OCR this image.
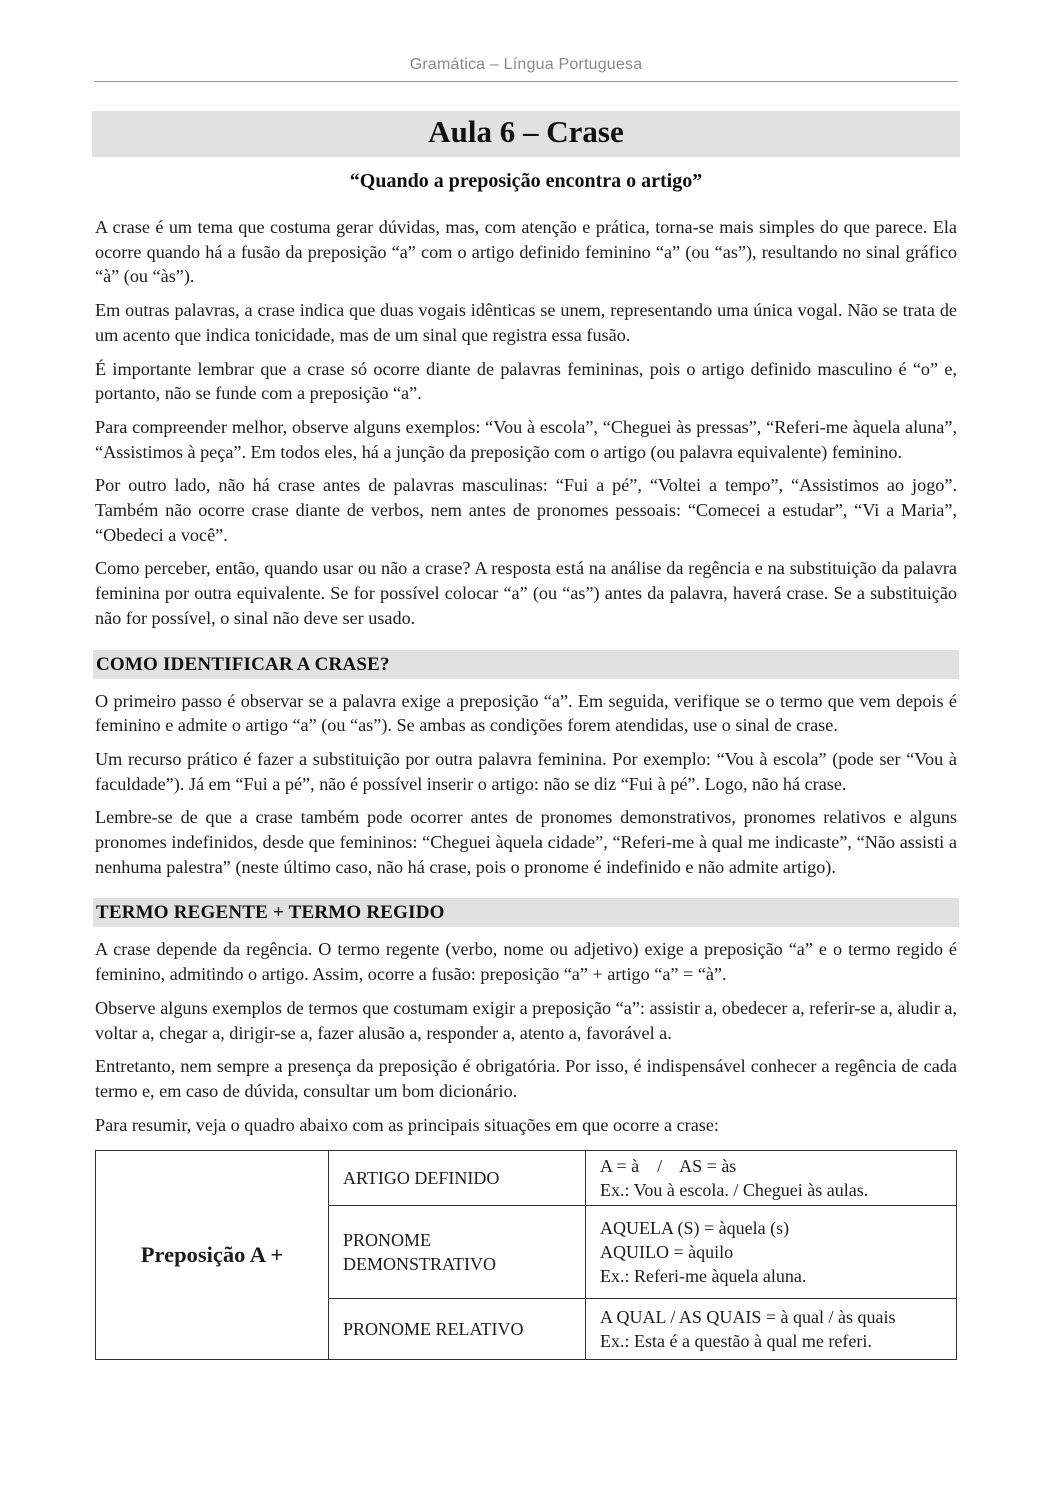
Gramática – Língua Portuguesa
Aula 6 – Crase
“Quando a preposição encontra o artigo”

A crase é um tema que costuma gerar dúvidas, mas, com atenção e prática, torna-se mais simples do que parece. Ela ocorre quando há a fusão da preposição “a” com o artigo definido feminino “a” (ou “as”), resultando no sinal gráfico “à” (ou “às”).

Em outras palavras, a crase indica que duas vogais idênticas se unem, representando uma única vogal. Não se trata de um acento que indica tonicidade, mas de um sinal que registra essa fusão.

É importante lembrar que a crase só ocorre diante de palavras femininas, pois o artigo definido masculino é “o” e, portanto, não se funde com a preposição “a”.

Para compreender melhor, observe alguns exemplos: “Vou à escola”, “Cheguei às pressas”, “Referi-me àquela aluna”, “Assistimos à peça”. Em todos eles, há a junção da preposição com o artigo (ou palavra equivalente) feminino.

Por outro lado, não há crase antes de palavras masculinas: “Fui a pé”, “Voltei a tempo”, “Assistimos ao jogo”. Também não ocorre crase diante de verbos, nem antes de pronomes pessoais: “Comecei a estudar”, “Vi a Maria”, “Obedeci a você”.

Como perceber, então, quando usar ou não a crase? A resposta está na análise da regência e na substituição da palavra feminina por outra equivalente. Se for possível colocar “a” (ou “as”) antes da palavra, haverá crase. Se a substituição não for possível, o sinal não deve ser usado.

COMO IDENTIFICAR A CRASE?

O primeiro passo é observar se a palavra exige a preposição “a”. Em seguida, verifique se o termo que vem depois é feminino e admite o artigo “a” (ou “as”). Se ambas as condições forem atendidas, use o sinal de crase.

Um recurso prático é fazer a substituição por outra palavra feminina. Por exemplo: “Vou à escola” (pode ser “Vou à faculdade”). Já em “Fui a pé”, não é possível inserir o artigo: não se diz “Fui à pé”. Logo, não há crase.

Lembre-se de que a crase também pode ocorrer antes de pronomes demonstrativos, pronomes relativos e alguns pronomes indefinidos, desde que femininos: “Cheguei àquela cidade”, “Referi-me à qual me indicaste”, “Não assisti a nenhuma palestra” (neste último caso, não há crase, pois o pronome é indefinido e não admite artigo).

TERMO REGENTE + TERMO REGIDO

A crase depende da regência. O termo regente (verbo, nome ou adjetivo) exige a preposição “a” e o termo regido é feminino, admitindo o artigo. Assim, ocorre a fusão: preposição “a” + artigo “a” = “à”.

Observe alguns exemplos de termos que costumam exigir a preposição “a”: assistir a, obedecer a, referir-se a, aludir a, voltar a, chegar a, dirigir-se a, fazer alusão a, responder a, atento a, favorável a.

Entretanto, nem sempre a presença da preposição é obrigatória. Por isso, é indispensável conhecer a regência de cada termo e, em caso de dúvida, consultar um bom dicionário.

Para resumir, veja o quadro abaixo com as principais situações em que ocorre a crase:

Preposição A +	ARTIGO DEFINIDO	A = à    /    AS = às
Ex.: Vou à escola. / Cheguei às aulas.

	PRONOME
DEMONSTRATIVO	AQUELA (S) = àquela (s)
AQUILO = àquilo
Ex.: Referi-me àquela aluna.

	PRONOME RELATIVO	A QUAL / AS QUAIS = à qual / às quais
Ex.: Esta é a questão à qual me referi.
